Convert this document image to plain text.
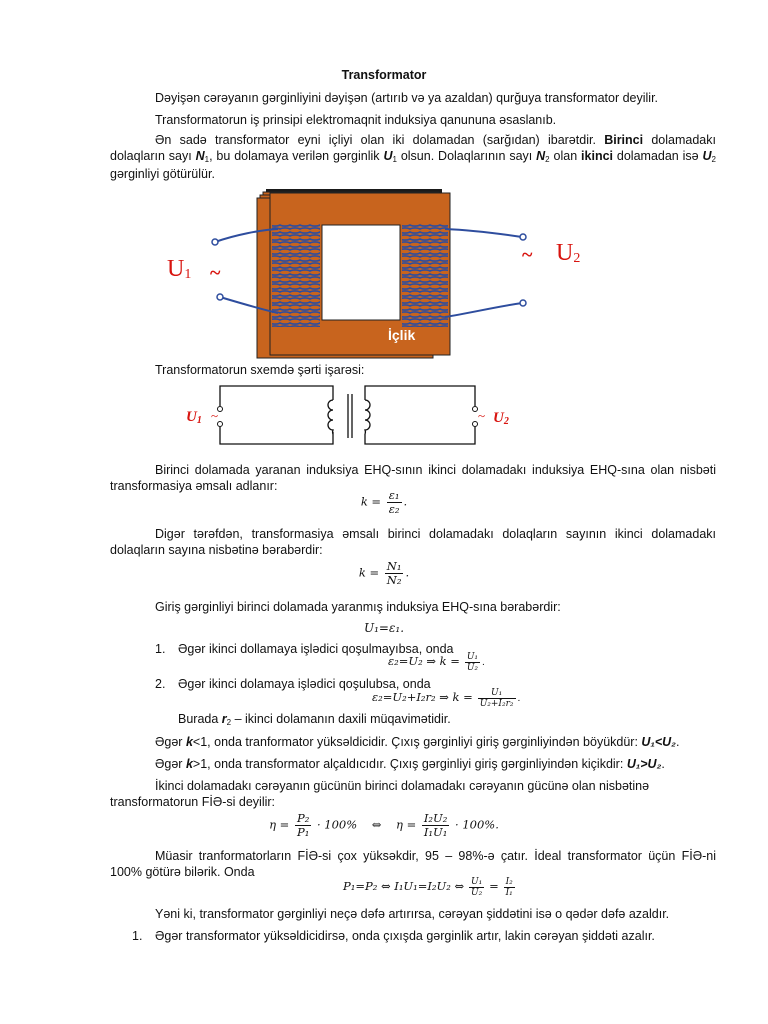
Transformator

Dəyişən cərəyanın gərginliyini dəyişən (artırıb və ya azaldan) qurğuya transformator deyilir.

Transformatorun iş prinsipi elektromaqnit induksiya qanununa əsaslanıb.

Ən sadə transformator eyni içliyi olan iki dolamadan (sarğıdan) ibarətdir. Birinci dolamadakı dolaqların sayı $N_1$, bu dolamaya verilən gərginlik $U_1$ olsun. Dolaqlarının sayı $N_2$ olan ikinci dolamadan isə $U_2$ gərginliyi götürülür.

İçlik
$U_1$ ~
~ $U_2$

Transformatorun sxemdə şərti işarəsi:

$U_1$ ~	~ $U_2$

Birinci dolamada yaranan induksiya EHQ-sının ikinci dolamadakı induksiya EHQ-sına olan nisbəti transformasiya əmsalı adlanır:

$k = \frac{\text{ε₁}}{\text{ε₂}}$ .

Digər tərəfdən, transformasiya əmsalı birinci dolamadakı dolaqların sayının ikinci dolamadakı dolaqların sayına nisbətinə bərabərdir:

$k = \frac{\text{N₁}}{\text{N₂}}$ .

Giriş gərginliyi birinci dolamada yaranmış induksiya EHQ-sına bərabərdir:

U₁=ε₁.
1. Əgər ikinci dollamaya işlədici qoşulmayıbsa, onda
ε₂=U₂ ⇒ $k = \frac{\text{U₁}}{\text{U₂}}$ .
2. Əgər ikinci dolamaya işlədici qoşulubsa, onda
ε₂=U₂+I₂r₂ ⇒ $k = \frac{\text{U₁}}{\text{U₂+I₂r₂}}$ .
Burada $r_2$ – ikinci dolamanın daxili müqavimətidir.

Əgər k<1, onda tranformator yüksəldicidir. Çıxış gərginliyi giriş gərginliyindən böyükdür: U₁<U₂.

Əgər k>1, onda transformator alçaldıcıdır. Çıxış gərginliyi giriş gərginliyindən kiçikdir: U₁>U₂.

İkinci dolamadakı cərəyanın gücünün birinci dolamadakı cərəyanın gücünə olan nisbətinə transformatorun FİƏ-si deyilir:

$\eta = \frac{\text{P₂}}{\text{P₁}} \cdot 100\%$    ⇔    $\eta = \frac{\text{I₂U₂}}{\text{I₁U₁}} \cdot 100\%$.

Müasir tranformatorların FİƏ-si çox yüksəkdir, 95 – 98%-ə çatır. İdeal transformator üçün FİƏ-ni 100% götürə bilərik. Onda

P₁=P₂ ⇔ I₁U₁=I₂U₂ ⇔ $\frac{\text{U₁}}{\text{U₂}} = \frac{\text{I₂}}{\text{I₁}}$

Yəni ki, transformator gərginliyi neçə dəfə artırırsa, cərəyan şiddətini isə o qədər dəfə azaldır.

1. Əgər transformator yüksəldicidirsə, onda çıxışda gərginlik artır, lakin cərəyan şiddəti azalır.
